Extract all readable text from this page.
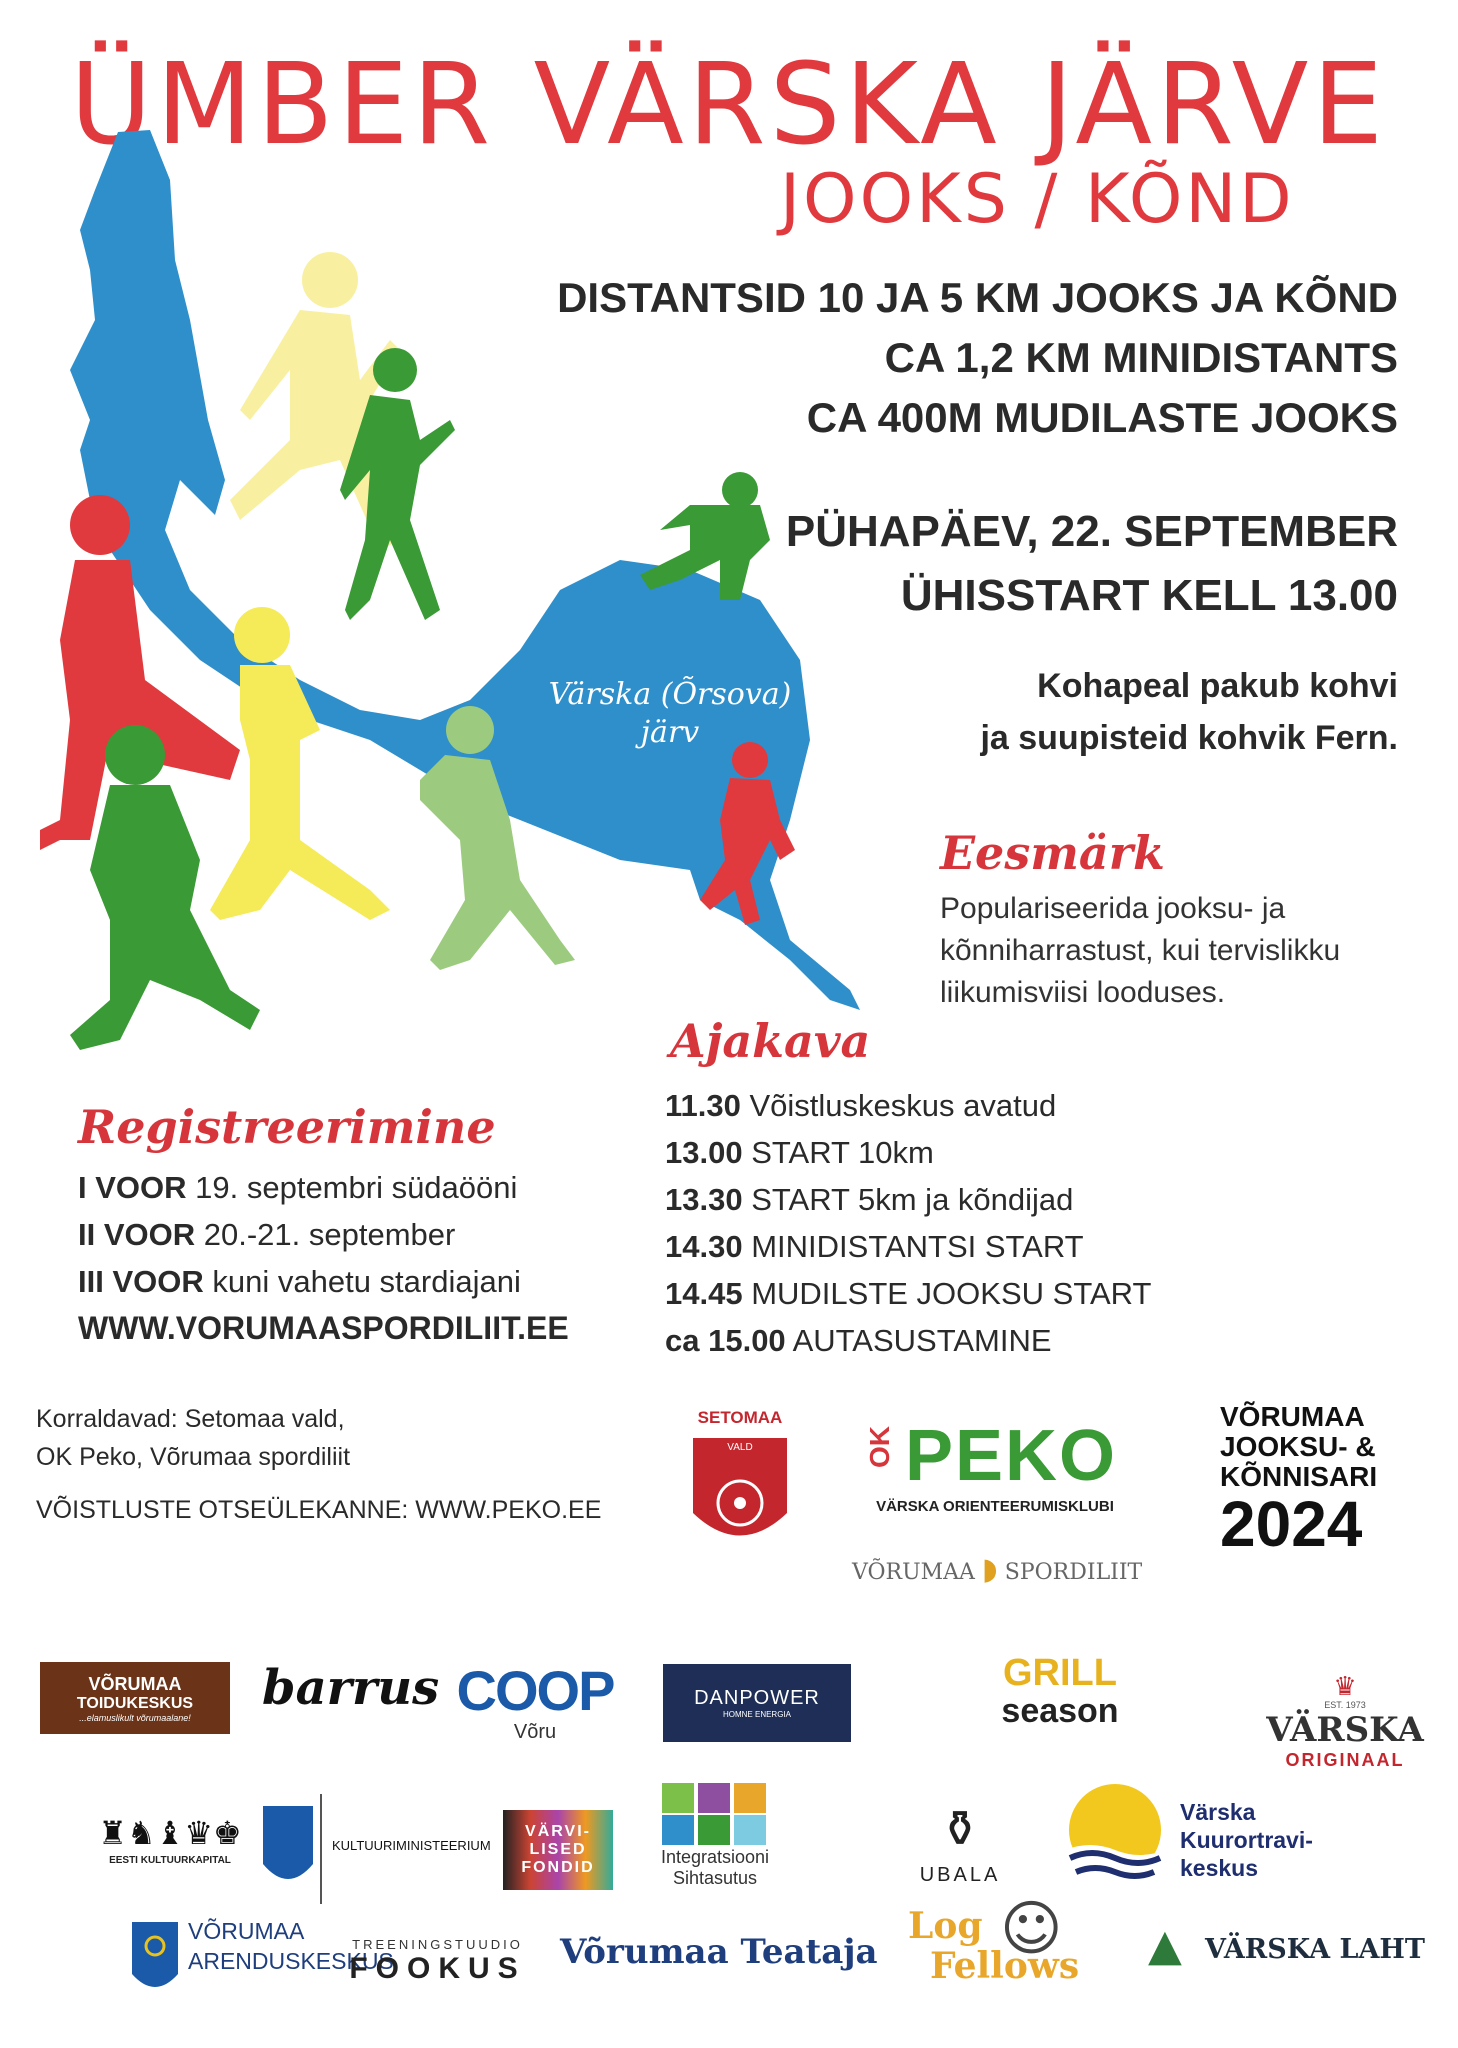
ÜMBER VÄRSKA JÄRVE
JOOKS / KÕND
Värska (Õrsova)
järv
DISTANTSID 10 JA 5 KM JOOKS JA KÕND
CA 1,2 KM MINIDISTANTS
CA 400M MUDILASTE JOOKS
PÜHAPÄEV, 22. SEPTEMBER
ÜHISSTART KELL 13.00
Kohapeal pakub kohvi
ja suupisteid kohvik Fern.
Eesmärk
Populariseerida jooksu- ja kõnniharrastust, kui tervislikku liikumisviisi looduses.
Ajakava
11.30 Võistluskeskus avatud
13.00 START 10km
13.30 START 5km ja kõndijad
14.30 MINIDISTANTSI START
14.45 MUDILSTE JOOKSU START
ca 15.00 AUTASUSTAMINE
Registreerimine
I VOOR 19. septembri südaööni
II VOOR 20.-21. september
III VOOR kuni vahetu stardiajani
WWW.VORUMAASPORDILIIT.EE
Korraldavad: Setomaa vald,
OK Peko, Võrumaa spordiliit
VÕISTLUSTE OTSEÜLEKANNE: WWW.PEKO.EE
SETOMAA
VALD	OK PEKO
VÄRSKA ORIENTEERUMISKLUBI
VÕRUMAA ◗ SPORDILIIT
VÕRUMAA
JOOKSU- &
KÕNNISARI
2024
VÕRUMAA
TOIDUKESKUS
...elamuslikult võrumaalane!
barrus COOP
Võru
DANPOWER
HOMNE ENERGIA
GRILL
season
♛
EST. 1973
VÄRSKA
ORIGINAAL
♜♞♝♛♚
EESTI KULTUURKAPITAL
KULTUURIMINISTEERIUM
VÄRVI-
LISED
FONDID
Integratsiooni
Sihtasutus
⚱
UBALA
Värska
Kuurortravi-
keskus
VÕRUMAA
ARENDUSKESKUS
TREENINGSTUUDIO
FOOKUS Võrumaa Teataja
Log
Fellows
☺ ▲ VÄRSKA LAHT
